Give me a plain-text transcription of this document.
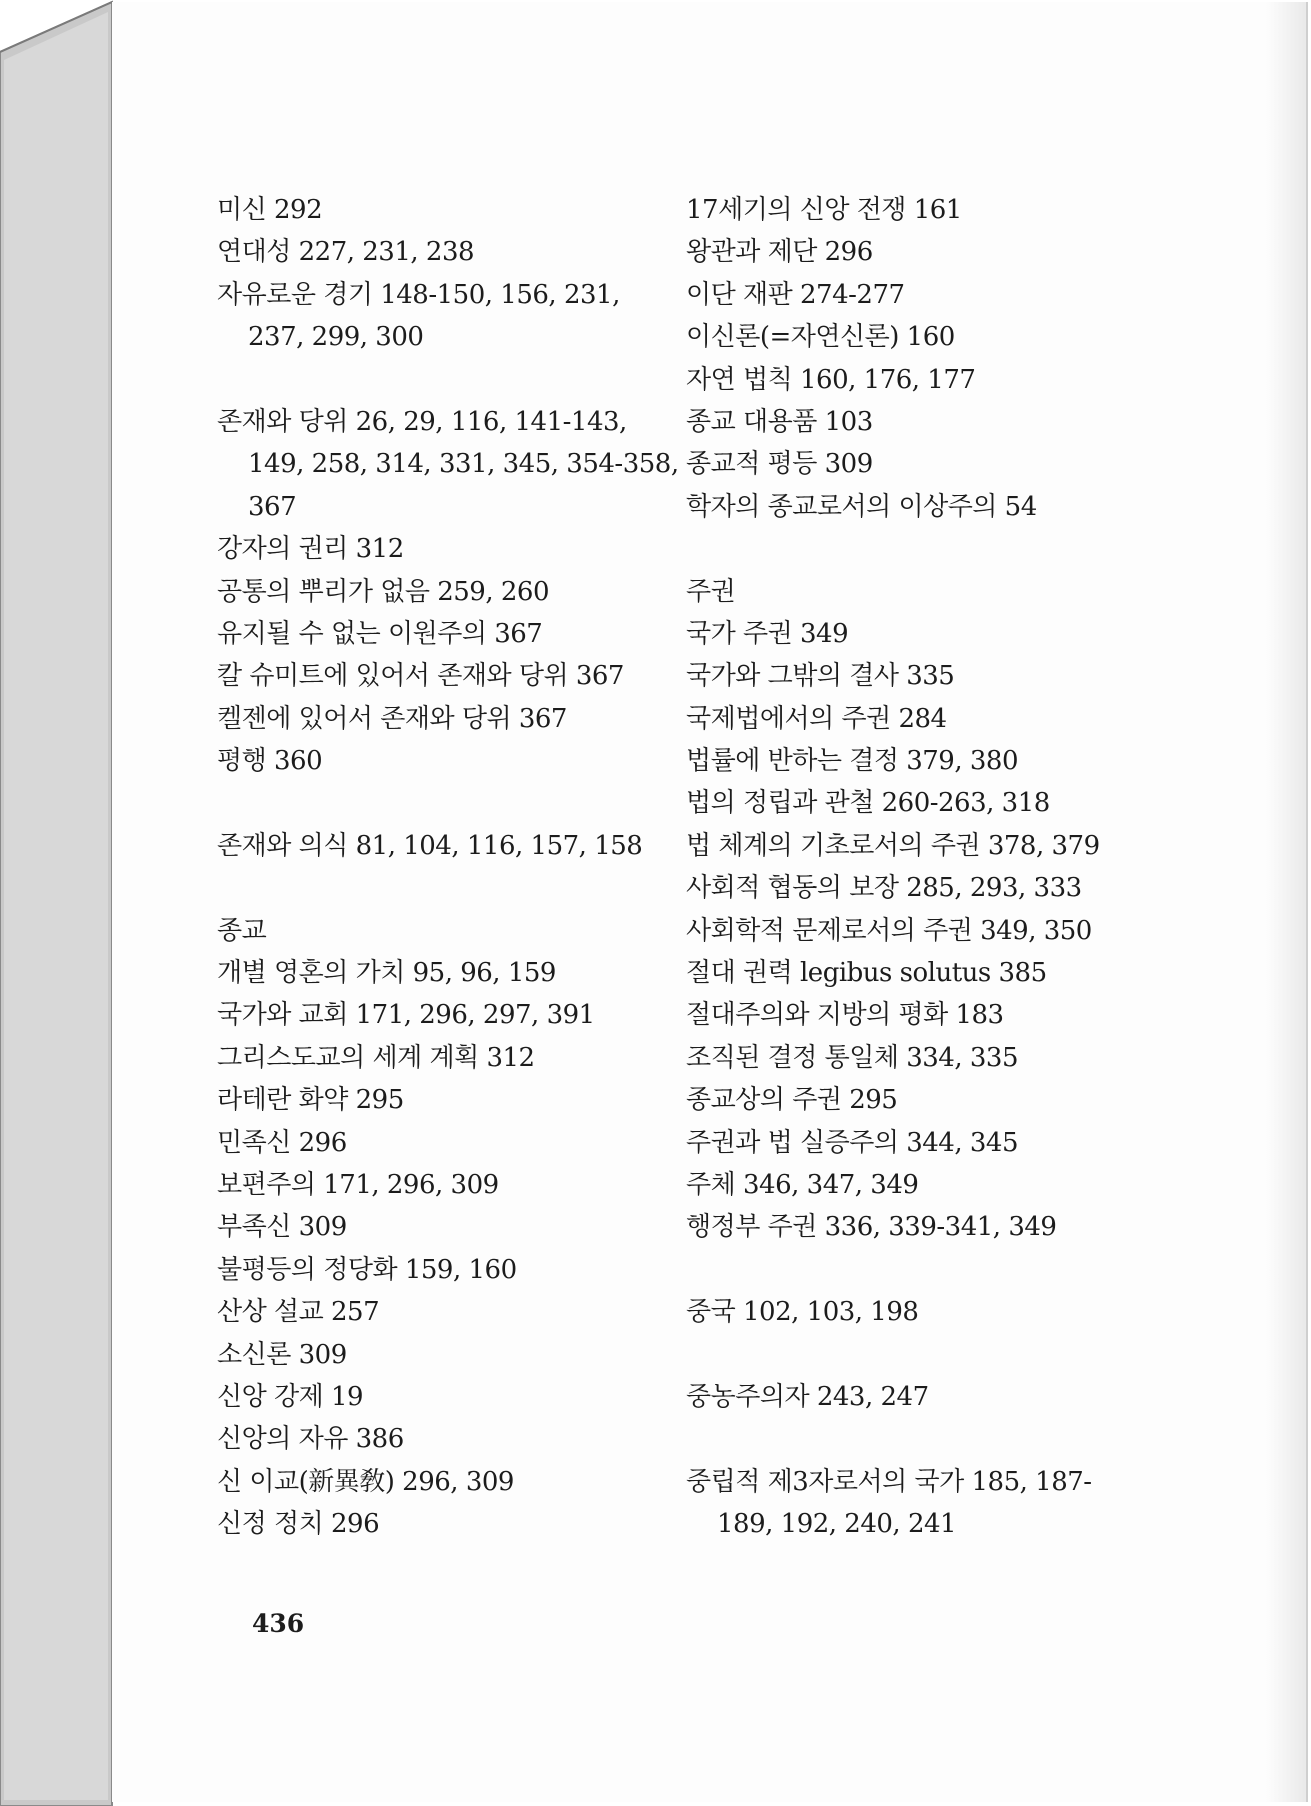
미신 292
연대성 227, 231, 238
자유로운 경기 148-150, 156, 231,
237, 299, 300
존재와 당위 26, 29, 116, 141-143,
149, 258, 314, 331, 345, 354-358,
367
강자의 권리 312
공통의 뿌리가 없음 259, 260
유지될 수 없는 이원주의 367
칼 슈미트에 있어서 존재와 당위 367
켈젠에 있어서 존재와 당위 367
평행 360
존재와 의식 81, 104, 116, 157, 158
종교
개별 영혼의 가치 95, 96, 159
국가와 교회 171, 296, 297, 391
그리스도교의 세계 계획 312
라테란 화약 295
민족신 296
보편주의 171, 296, 309
부족신 309
불평등의 정당화 159, 160
산상 설교 257
소신론 309
신앙 강제 19
신앙의 자유 386
신 이교(新異敎) 296, 309
신정 정치 296
17세기의 신앙 전쟁 161
왕관과 제단 296
이단 재판 274-277
이신론(=자연신론) 160
자연 법칙 160, 176, 177
종교 대용품 103
종교적 평등 309
학자의 종교로서의 이상주의 54
주권
국가 주권 349
국가와 그밖의 결사 335
국제법에서의 주권 284
법률에 반하는 결정 379, 380
법의 정립과 관철 260-263, 318
법 체계의 기초로서의 주권 378, 379
사회적 협동의 보장 285, 293, 333
사회학적 문제로서의 주권 349, 350
절대 권력 legibus solutus 385
절대주의와 지방의 평화 183
조직된 결정 통일체 334, 335
종교상의 주권 295
주권과 법 실증주의 344, 345
주체 346, 347, 349
행정부 주권 336, 339-341, 349
중국 102, 103, 198
중농주의자 243, 247
중립적 제3자로서의 국가 185, 187-
189, 192, 240, 241
436
